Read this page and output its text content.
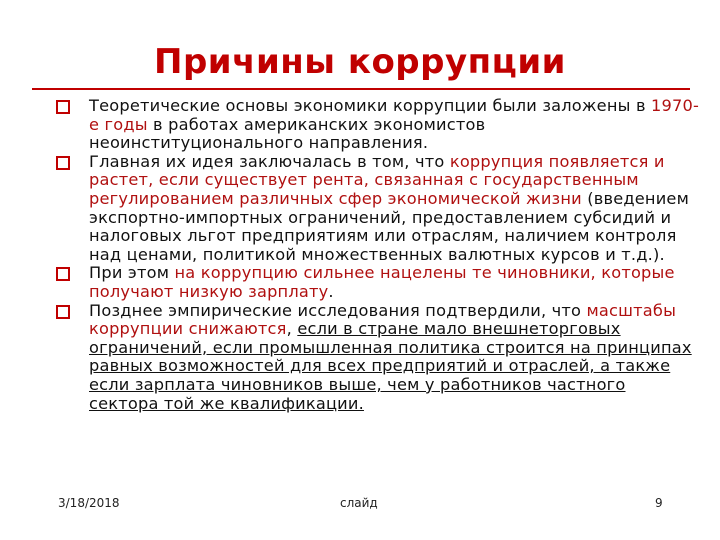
Причины коррупции
Теоретические основы экономики коррупции были заложены в 1970-е годы в работах американских экономистов неоинституционального направления.
Главная их идея заключалась в том, что коррупция появляется и растет, если существует рента, связанная с государственным регулированием различных сфер экономической жизни (введением экспортно-импортных ограничений, предоставлением субсидий и налоговых льгот предприятиям или отраслям, наличием контроля над ценами, политикой множественных валютных курсов и т.д.).
При этом на коррупцию сильнее нацелены те чиновники, которые получают низкую зарплату.
Позднее эмпирические исследования подтвердили, что масштабы коррупции снижаются, если в стране мало внешнеторговых ограничений, если промышленная политика строится на принципах равных возможностей для всех предприятий и отраслей, а также если зарплата чиновников выше, чем у работников частного сектора той же квалификации.
3/18/2018	слайд	9
